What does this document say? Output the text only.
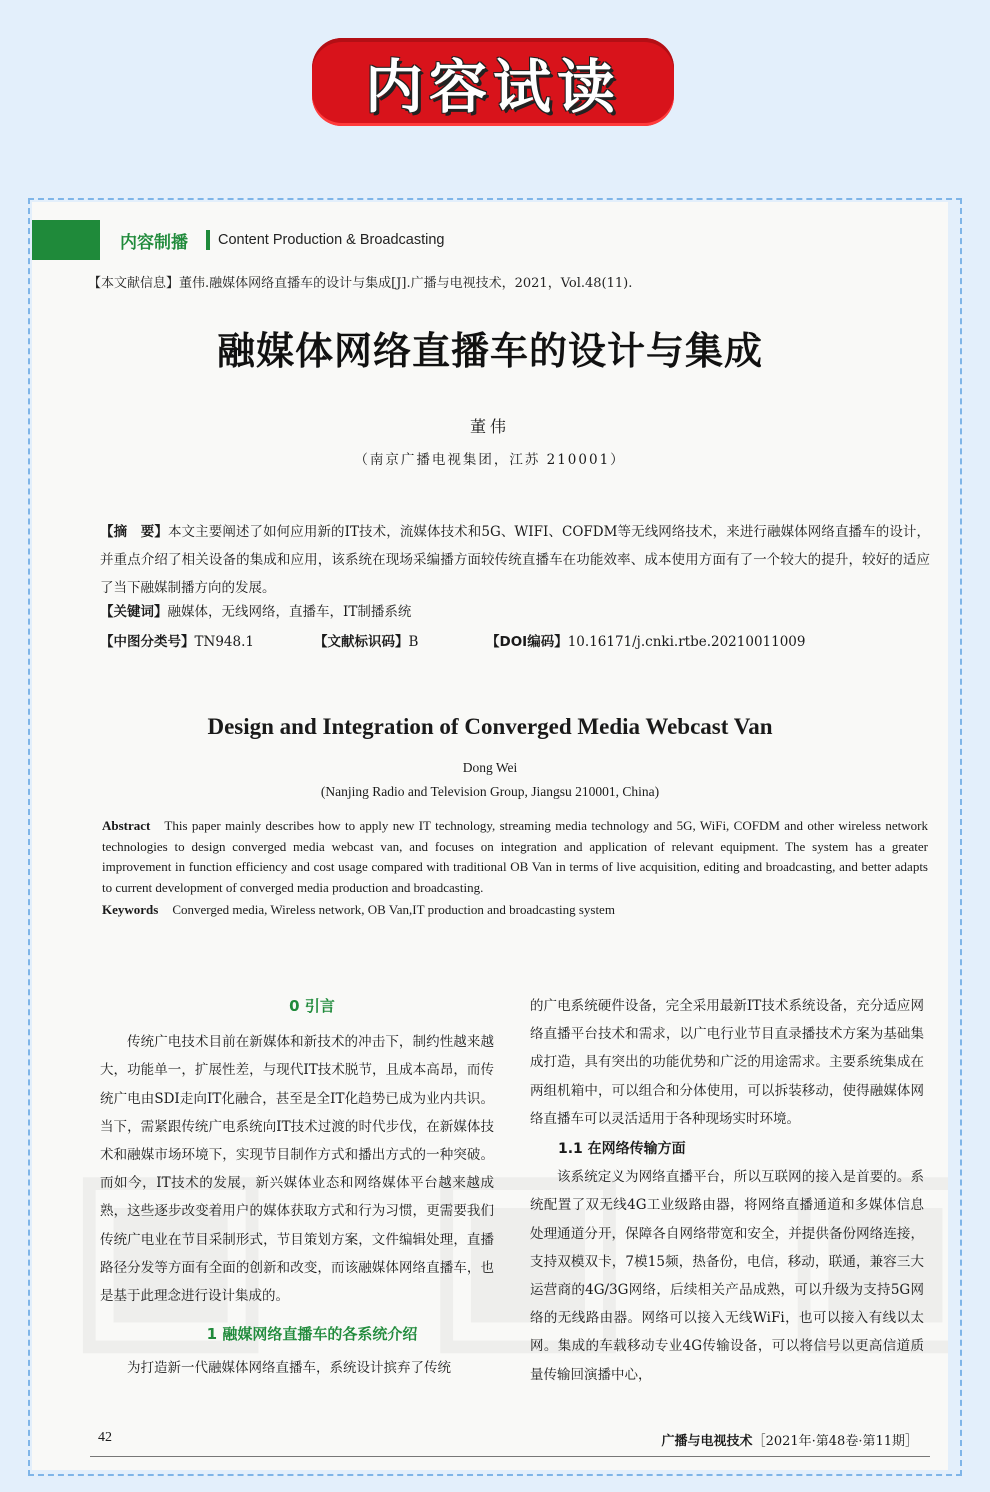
内容试读
内容制播 Content Production & Broadcasting
【本文献信息】董伟.融媒体网络直播车的设计与集成[J].广播与电视技术，2021，Vol.48(11).
融媒体网络直播车的设计与集成
董伟
（南京广播电视集团，江苏 210001）
【摘　要】本文主要阐述了如何应用新的IT技术，流媒体技术和5G、WIFI、COFDM等无线网络技术，来进行融媒体网络直播车的设计，并重点介绍了相关设备的集成和应用，该系统在现场采编播方面较传统直播车在功能效率、成本使用方面有了一个较大的提升，较好的适应了当下融媒制播方向的发展。
【关键词】融媒体，无线网络，直播车，IT制播系统
【中图分类号】TN948.1	【文献标识码】B	【DOI编码】10.16171/j.cnki.rtbe.20210011009
Design and Integration of Converged Media Webcast Van
Dong Wei
(Nanjing Radio and Television Group, Jiangsu 210001, China)
Abstract This paper mainly describes how to apply new IT technology, streaming media technology and 5G, WiFi, COFDM and other wireless network technologies to design converged media webcast van, and focuses on integration and application of relevant equipment. The system has a greater improvement in function efficiency and cost usage compared with traditional OB Van in terms of live acquisition, editing and broadcasting, and better adapts to current development of converged media production and broadcasting.
Keywords Converged media, Wireless network, OB Van,IT production and broadcasting system

0 引言

传统广电技术目前在新媒体和新技术的冲击下，制约性越来越大，功能单一，扩展性差，与现代IT技术脱节，且成本高昂，而传统广电由SDI走向IT化融合，甚至是全IT化趋势已成为业内共识。当下，需紧跟传统广电系统向IT技术过渡的时代步伐，在新媒体技术和融媒市场环境下，实现节目制作方式和播出方式的一种突破。而如今，IT技术的发展，新兴媒体业态和网络媒体平台越来越成熟，这些逐步改变着用户的媒体获取方式和行为习惯，更需要我们传统广电业在节目采制形式，节目策划方案，文件编辑处理，直播路径分发等方面有全面的创新和改变，而该融媒体网络直播车，也是基于此理念进行设计集成的。

1 融媒网络直播车的各系统介绍

为打造新一代融媒体网络直播车，系统设计摈弃了传统

的广电系统硬件设备，完全采用最新IT技术系统设备，充分适应网络直播平台技术和需求，以广电行业节目直录播技术方案为基础集成打造，具有突出的功能优势和广泛的用途需求。主要系统集成在两组机箱中，可以组合和分体使用，可以拆装移动，使得融媒体网络直播车可以灵活适用于各种现场实时环境。

1.1 在网络传输方面

该系统定义为网络直播平台，所以互联网的接入是首要的。系统配置了双无线4G工业级路由器，将网络直播通道和多媒体信息处理通道分开，保障各自网络带宽和安全，并提供备份网络连接，支持双模双卡，7模15频，热备份，电信，移动，联通，兼容三大运营商的4G/3G网络，后续相关产品成熟，可以升级为支持5G网络的无线路由器。网络可以接入无线WiFi，也可以接入有线以太网。集成的车载移动专业4G传输设备，可以将信号以更高信道质量传输回演播中心，

42	广播与电视技术［2021年·第48卷·第11期］
